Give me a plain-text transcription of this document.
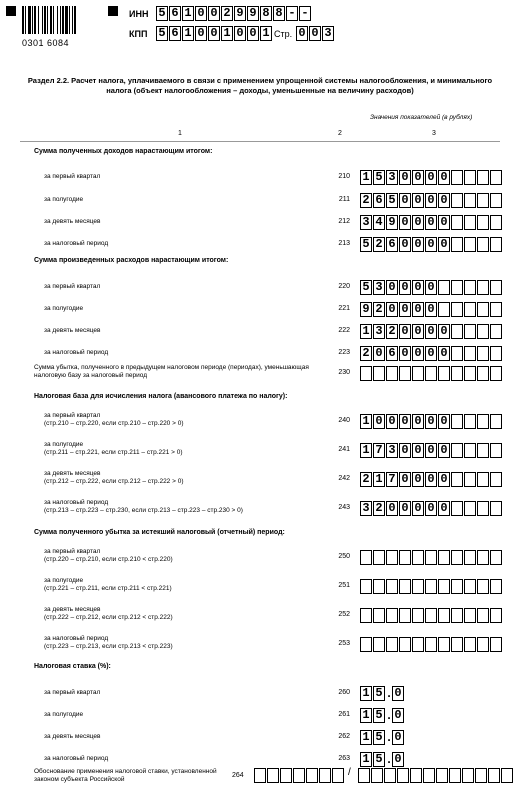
0301 6084
ИНН 5 6 1 0 0 2 9 9 8 8 - -
КПП 5 6 1 0 0 1 0 0 1 Стр. 0 0 3
Раздел 2.2. Расчет налога, уплачиваемого в связи с применением упрощенной системы налогообложения, и минимального налога (объект налогообложения – доходы, уменьшенные на величину расходов)
Значения показателей (в рублях)
1	2	3
Сумма полученных доходов нарастающим итогом:
за первый квартал	210 1 5 3 0 0 0 0
за полугодие	211 2 6 5 0 0 0 0
за девять месяцев	212 3 4 9 0 0 0 0
за налоговый период	213 5 2 6 0 0 0 0
Сумма произведенных расходов нарастающим итогом:
за первый квартал	220 5 3 0 0 0 0
за полугодие	221 9 2 0 0 0 0
за девять месяцев	222 1 3 2 0 0 0 0
за налоговый период	223 2 0 6 0 0 0 0
Сумма убытка, полученного в предыдущем налоговом периоде (периодах), уменьшающая налоговую базу за налоговый период	230
Налоговая база для исчисления налога (авансового платежа по налогу):
за первый квартал
(стр.210 – стр.220, если стр.210 – стр.220 > 0)	240 1 0 0 0 0 0 0
за полугодие
(стр.211 – стр.221, если стр.211 – стр.221 > 0)	241 1 7 3 0 0 0 0
за девять месяцев
(стр.212 – стр.222, если стр.212 – стр.222 > 0)	242 2 1 7 0 0 0 0
за налоговый период
(стр.213 – стр.223 – стр.230, если стр.213 – стр.223 – стр.230 > 0)	243 3 2 0 0 0 0 0
Сумма полученного убытка за истекший налоговый (отчетный) период:
за первый квартал
(стр.220 – стр.210, если стр.210 < стр.220)	250
за полугодие
(стр.221 – стр.211, если стр.211 < стр.221)	251
за девять месяцев
(стр.222 – стр.212, если стр.212 < стр.222)	252
за налоговый период
(стр.223 – стр.213, если стр.213 < стр.223)	253
Налоговая ставка (%):
за первый квартал	260 1 5 . 0
за полугодие	261 1 5 . 0
за девять месяцев	262 1 5 . 0
за налоговый период	263 1 5 . 0
Обоснование применения налоговой ставки, установленной законом субъекта Российской
264	/
